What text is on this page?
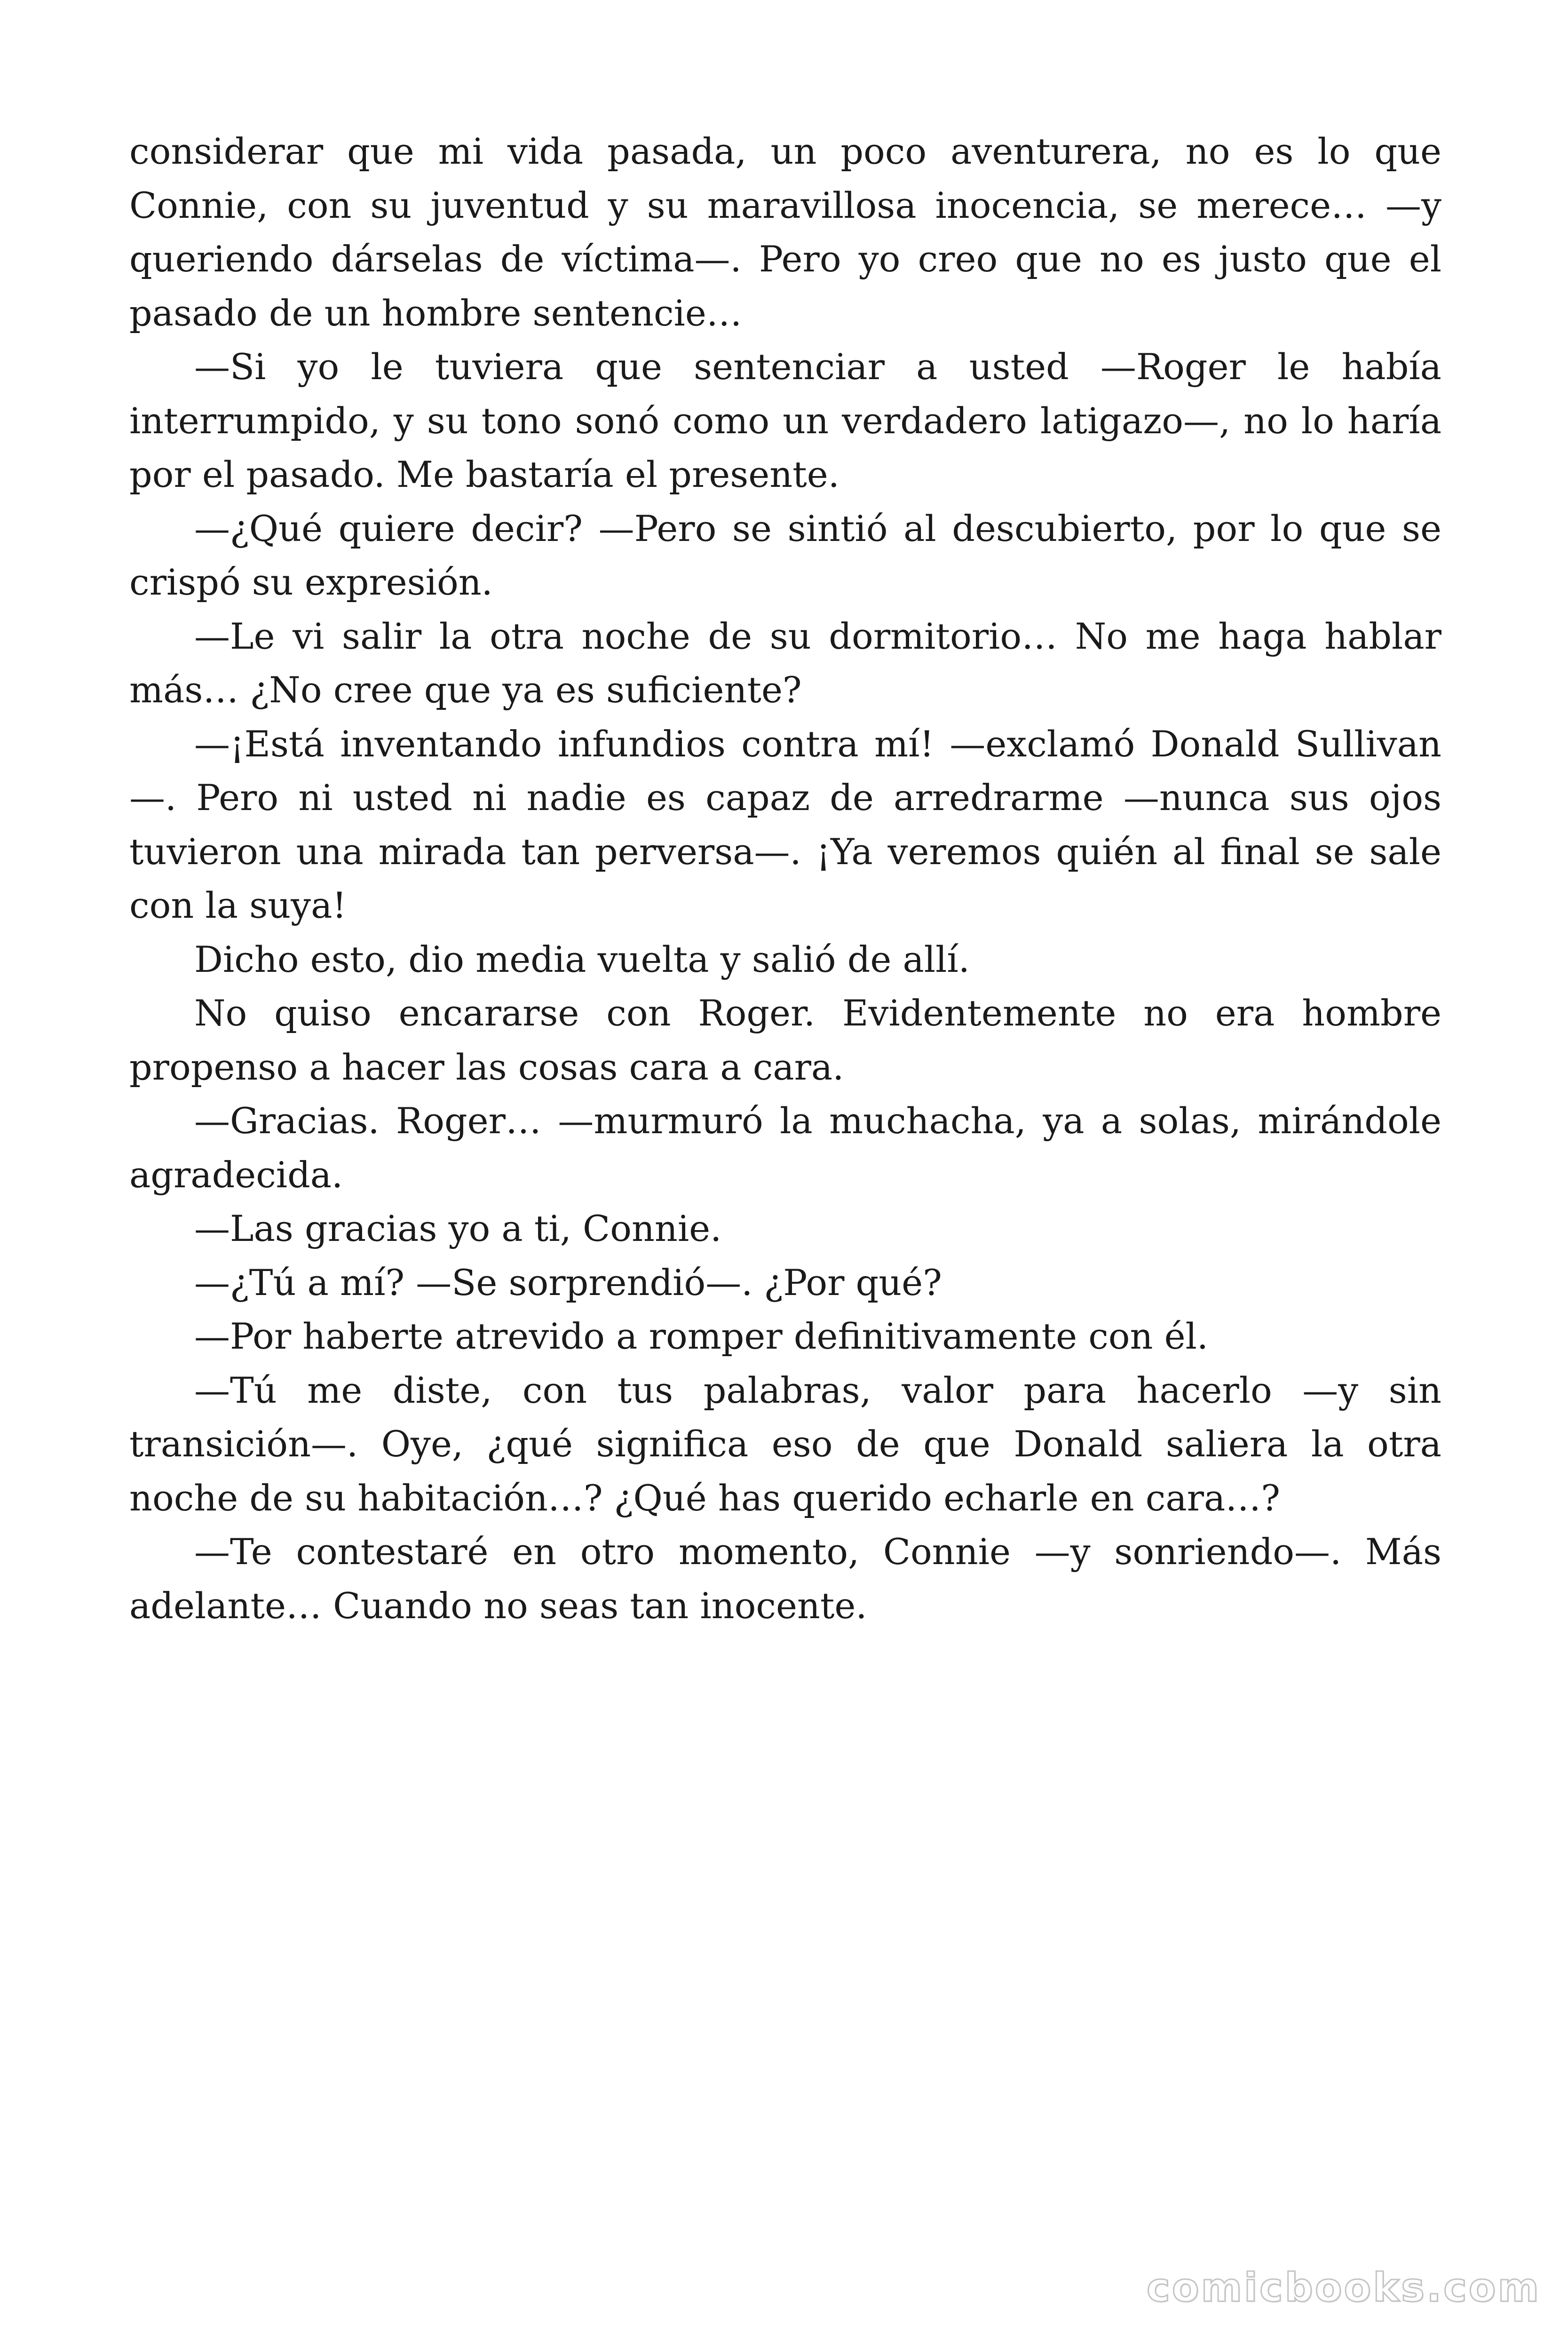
considerar que mi vida pasada, un poco aventurera, no es lo que Connie, con su juventud y su maravillosa inocencia, se merece… —y queriendo dárselas de víctima—. Pero yo creo que no es justo que el pasado de un hombre sentencie…

—Si yo le tuviera que sentenciar a usted —Roger le había interrumpido, y su tono sonó como un verdadero latigazo—, no lo haría por el pasado. Me bastaría el presente.

—¿Qué quiere decir? —Pero se sintió al descubierto, por lo que se crispó su expresión.

—Le vi salir la otra noche de su dormitorio… No me haga hablar más… ¿No cree que ya es suficiente?

—¡Está inventando infundios contra mí! —exclamó Donald Sullivan—. Pero ni usted ni nadie es capaz de arredrarme —nunca sus ojos tuvieron una mirada tan perversa—. ¡Ya veremos quién al final se sale con la suya!

Dicho esto, dio media vuelta y salió de allí.

No quiso encararse con Roger. Evidentemente no era hombre propenso a hacer las cosas cara a cara.

—Gracias. Roger… —murmuró la muchacha, ya a solas, mirándole agradecida.

—Las gracias yo a ti, Connie.

—¿Tú a mí? —Se sorprendió—. ¿Por qué?

—Por haberte atrevido a romper definitivamente con él.

—Tú me diste, con tus palabras, valor para hacerlo —y sin transición—. Oye, ¿qué significa eso de que Donald saliera la otra noche de su habitación…? ¿Qué has querido echarle en cara…?

—Te contestaré en otro momento, Connie —y sonriendo—. Más adelante… Cuando no seas tan inocente.

comicbooks.com
